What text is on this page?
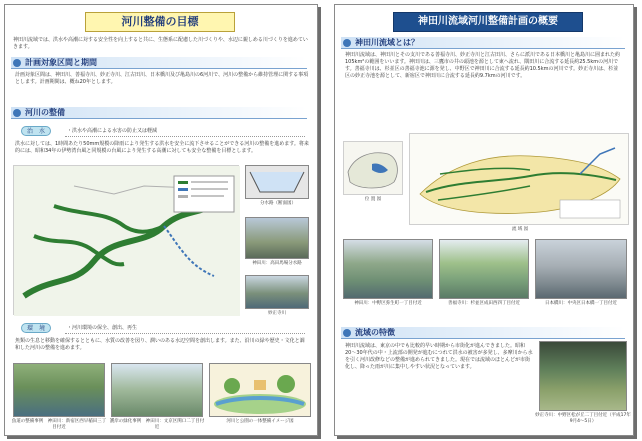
河川整備の目標
神田川流域では、洪水や高潮に対する安全性を向上すると共に、生態系に配慮した川づくりや、水辺に親しめる川づくりを進めていきます。
計画対象区間と期間
計画対象区間は、神田川、善福寺川、妙正寺川、江古田川、日本橋川及び亀島川の6河川で、河川の整備から維持管理に関する事項とします。計画期間は、概ね20年とします。
河川の整備
治　水	・洪水や高潮による水害の防止又は軽減
洪水に対しては、1時間あたり50mm規模の降雨により発生する洪水を安全に流下させることができる河川の整備を進めます。将来的には、昭和34年の伊勢湾台風と同規模の台風により発生する高潮に対しても安全な整備を目標とします。
分水路（断面図）
神田川：高田馬場分水路
妙正寺川
環　境	・河川環境の保全、創出、再生
魚類の生息と移動を確保するとともに、水質の改善を図り、潤いのある水辺空間を創出します。また、沿川の緑や歴史・文化と調和した河川の整備を進めます。
魚道の整備事例　神田川：新宿区西早稲田三丁目付近
護岸の緑化事例　神田川：文京区関口二丁目付近
河川と公園の一体整備イメージ図
神田川流域河川整備計画の概要
神田川流域とは？
神田川流域は、神田川とその支川である善福寺川、妙正寺川と江古田川、さらに派川である日本橋川と亀島川に囲まれた約105km²の範囲をいいます。神田川は、三鷹市の井の頭池を源として東へ流れ、隅田川に合流する延長約25.5kmの河川です。善福寺川は、杉並区の善福寺池に源を発し、中野区で神田川に合流する延長約10.5kmの河川です。妙正寺川は、杉並区の妙正寺池を源として、新宿区で神田川に合流する延長約9.7kmの河川です。
位 置 図
流 域 図
神田川：中野区弥生町一丁目付近	善福寺川：杉並区成田西四丁目付近	日本橋川：中央区日本橋一丁目付近
流域の特徴
神田川流域は、東京の中でも比較的早い時期から市街化が進んできました。昭和20〜30年代の中・上流部の開発が進むにつれて洪水の被害が多発し、多摩川から水を引く河川改修などの整備が進められてきました。現在では流域のほとんどが市街化し、降った雨が川に集中しやすい状況となっています。
妙正寺川：中野区松が丘二丁目付近（平成17年9月4〜5日）
